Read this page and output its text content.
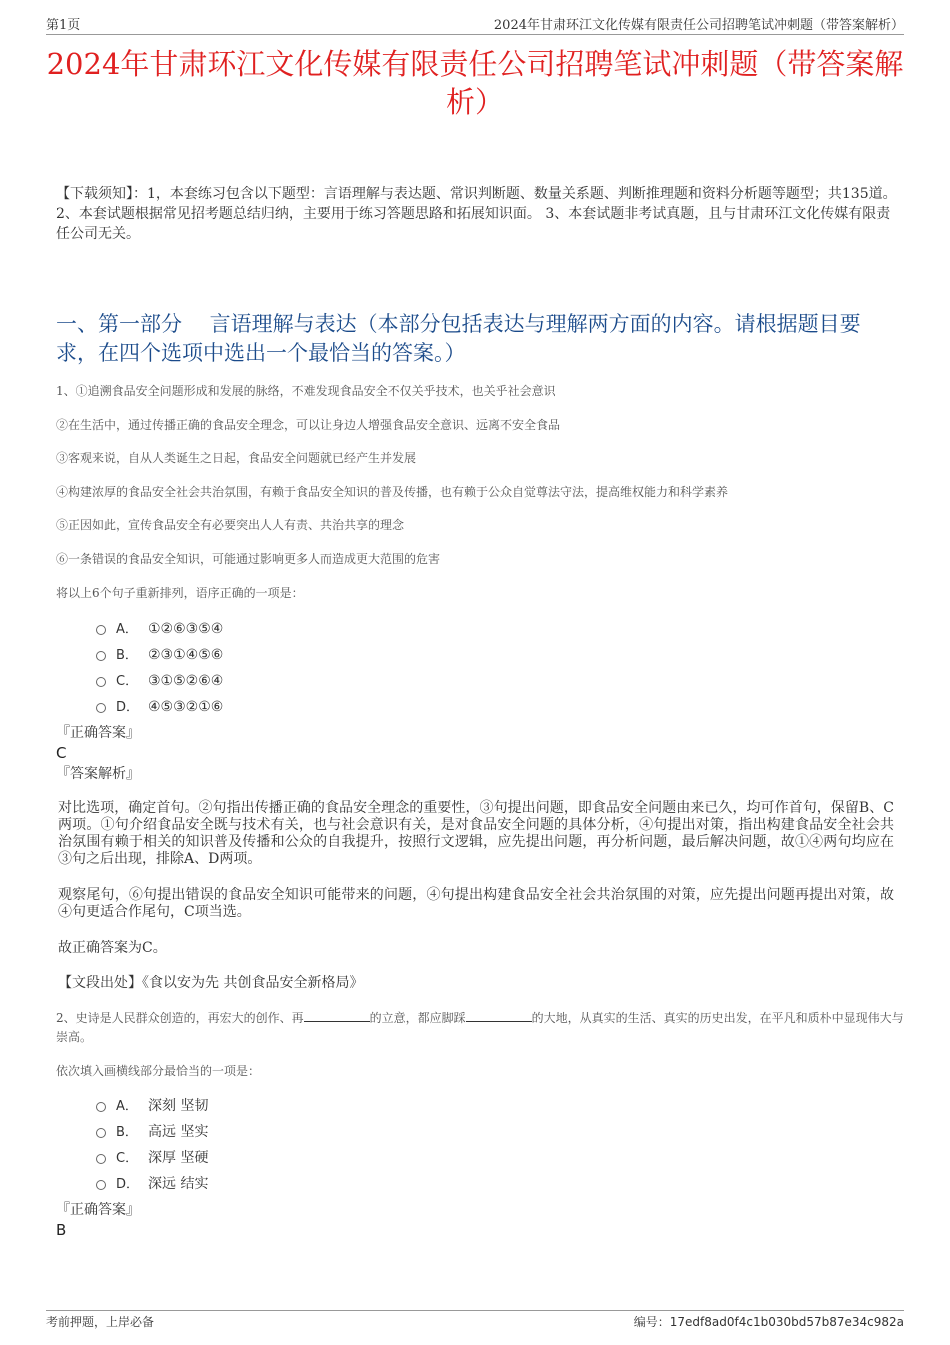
第1页	2024年甘肃环江文化传媒有限责任公司招聘笔试冲刺题（带答案解析）
2024年甘肃环江文化传媒有限责任公司招聘笔试冲刺题（带答案解析）
【下载须知】：1，本套练习包含以下题型：言语理解与表达题、常识判断题、数量关系题、判断推理题和资料分析题等题型；共135道。 2、本套试题根据常见招考题总结归纳，主要用于练习答题思路和拓展知识面。 3、本套试题非考试真题，且与甘肃环江文化传媒有限责任公司无关。
一、第一部分　 言语理解与表达（本部分包括表达与理解两方面的内容。请根据题目要求，在四个选项中选出一个最恰当的答案。）
1、①追溯食品安全问题形成和发展的脉络，不难发现食品安全不仅关乎技术，也关乎社会意识
②在生活中，通过传播正确的食品安全理念，可以让身边人增强食品安全意识、远离不安全食品
③客观来说，自从人类诞生之日起，食品安全问题就已经产生并发展
④构建浓厚的食品安全社会共治氛围，有赖于食品安全知识的普及传播，也有赖于公众自觉尊法守法，提高维权能力和科学素养
⑤正因如此，宣传食品安全有必要突出人人有责、共治共享的理念
⑥一条错误的食品安全知识，可能通过影响更多人而造成更大范围的危害
将以上6个句子重新排列，语序正确的一项是：
A． ①②⑥③⑤④
B． ②③①④⑤⑥
C． ③①⑤②⑥④
D． ④⑤③②①⑥
『正确答案』
C
『答案解析』
对比选项，确定首句。②句指出传播正确的食品安全理念的重要性，③句提出问题，即食品安全问题由来已久，均可作首句，保留B、C两项。①句介绍食品安全既与技术有关，也与社会意识有关，是对食品安全问题的具体分析，④句提出对策，指出构建食品安全社会共治氛围有赖于相关的知识普及传播和公众的自我提升，按照行文逻辑，应先提出问题，再分析问题，最后解决问题，故①④两句均应在③句之后出现，排除A、D两项。
观察尾句，⑥句提出错误的食品安全知识可能带来的问题，④句提出构建食品安全社会共治氛围的对策，应先提出问题再提出对策，故④句更适合作尾句，C项当选。
故正确答案为C。
【文段出处】《食以安为先 共创食品安全新格局》
2、史诗是人民群众创造的，再宏大的创作、再	的立意，都应脚踩	的大地，从真实的生活、真实的历史出发，在平凡和质朴中显现伟大与崇高。
依次填入画横线部分最恰当的一项是：
A． 深刻 坚韧
B． 高远 坚实
C． 深厚 坚硬
D． 深远 结实
『正确答案』
B
考前押题，上岸必备	编号：17edf8ad0f4c1b030bd57b87e34c982a
